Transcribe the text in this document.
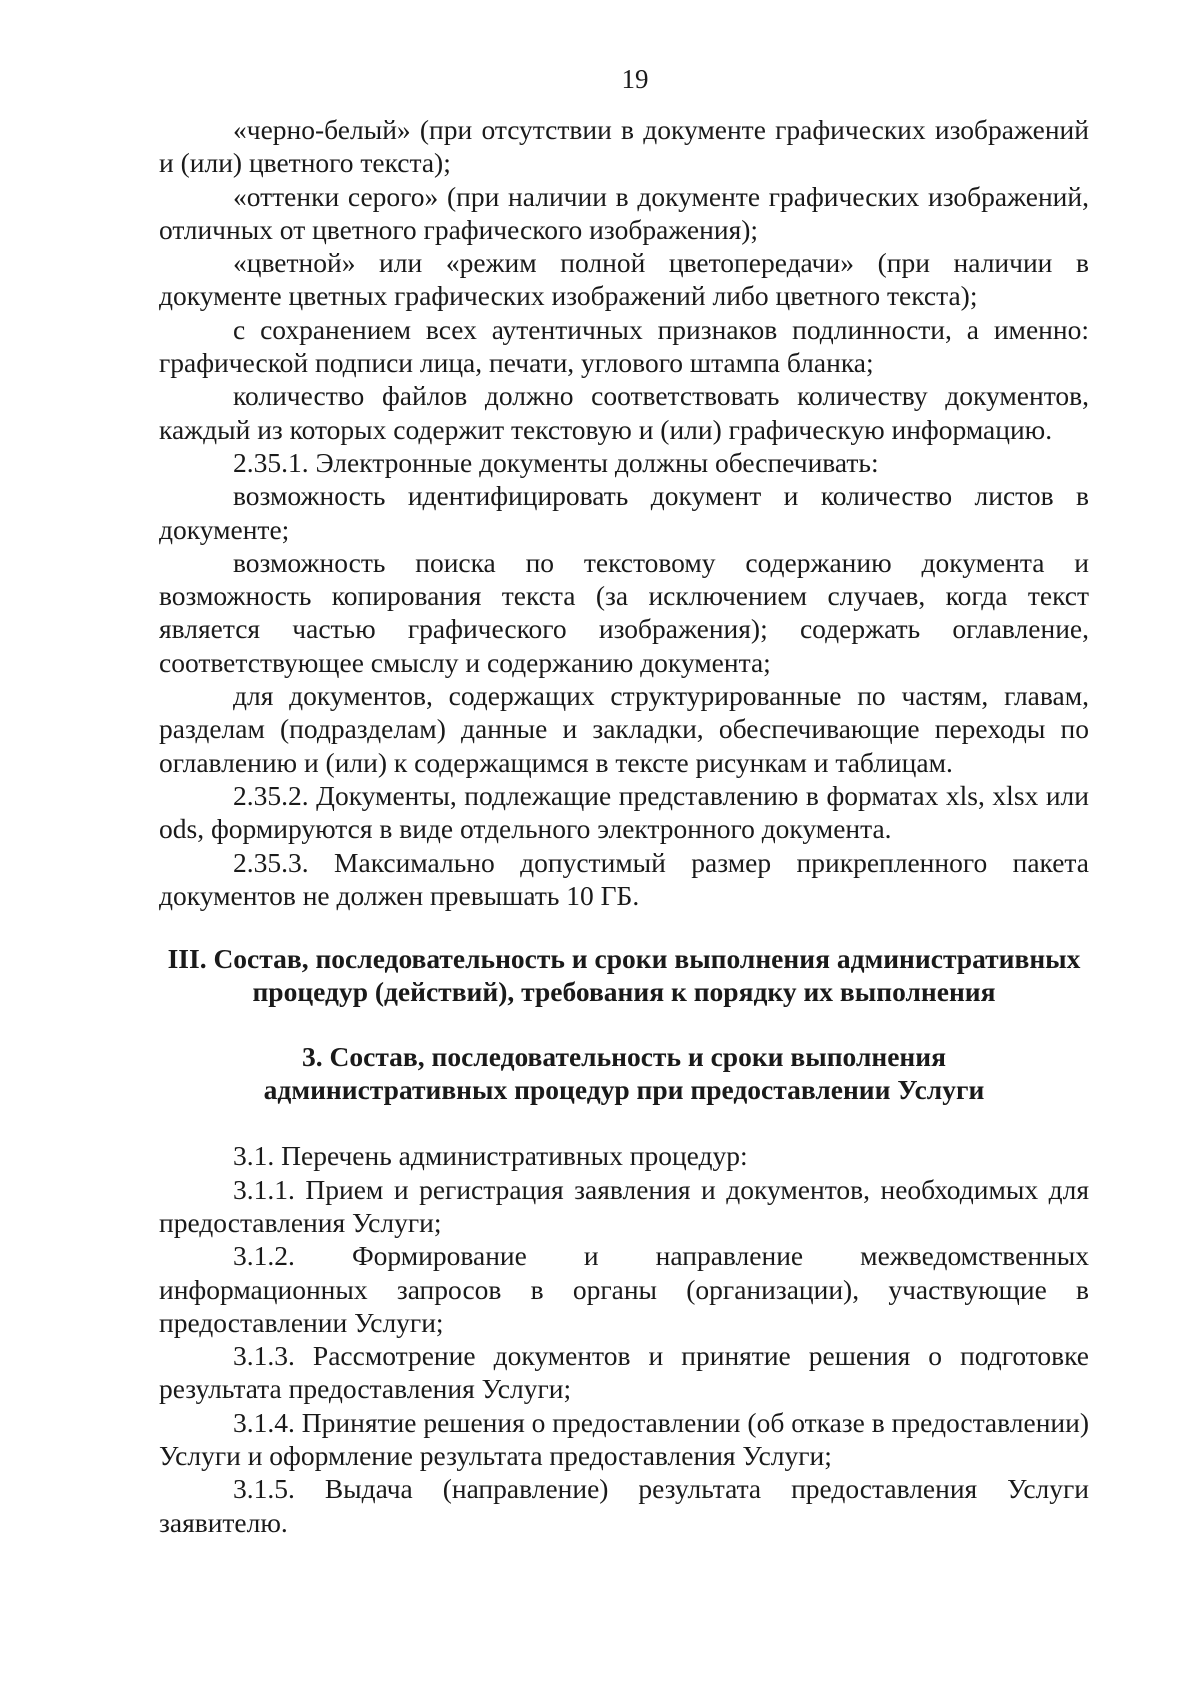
19

«черно-белый» (при отсутствии в документе графических изображений и (или) цветного текста);

«оттенки серого» (при наличии в документе графических изображений, отличных от цветного графического изображения);

«цветной» или «режим полной цветопередачи» (при наличии в документе цветных графических изображений либо цветного текста);

с сохранением всех аутентичных признаков подлинности, а именно: графической подписи лица, печати, углового штампа бланка;

количество файлов должно соответствовать количеству документов, каждый из которых содержит текстовую и (или) графическую информацию.

2.35.1. Электронные документы должны обеспечивать:

возможность идентифицировать документ и количество листов в документе;

возможность поиска по текстовому содержанию документа и возможность копирования текста (за исключением случаев, когда текст является частью графического изображения); содержать оглавление, соответствующее смыслу и содержанию документа;

для документов, содержащих структурированные по частям, главам, разделам (подразделам) данные и закладки, обеспечивающие переходы по оглавлению и (или) к содержащимся в тексте рисункам и таблицам.

2.35.2. Документы, подлежащие представлению в форматах xls, xlsx или ods, формируются в виде отдельного электронного документа.

2.35.3. Максимально допустимый размер прикрепленного пакета документов не должен превышать 10 ГБ.

III. Состав, последовательность и сроки выполнения административных
процедур (действий), требования к порядку их выполнения
3. Состав, последовательность и сроки выполнения
административных процедур при предоставлении Услуги

3.1. Перечень административных процедур:

3.1.1. Прием и регистрация заявления и документов, необходимых для предоставления Услуги;

3.1.2. Формирование и направление межведомственных информационных запросов в органы (организации), участвующие в предоставлении Услуги;

3.1.3. Рассмотрение документов и принятие решения о подготовке результата предоставления Услуги;

3.1.4. Принятие решения о предоставлении (об отказе в предоставлении) Услуги и оформление результата предоставления Услуги;

3.1.5. Выдача (направление) результата предоставления Услуги заявителю.
